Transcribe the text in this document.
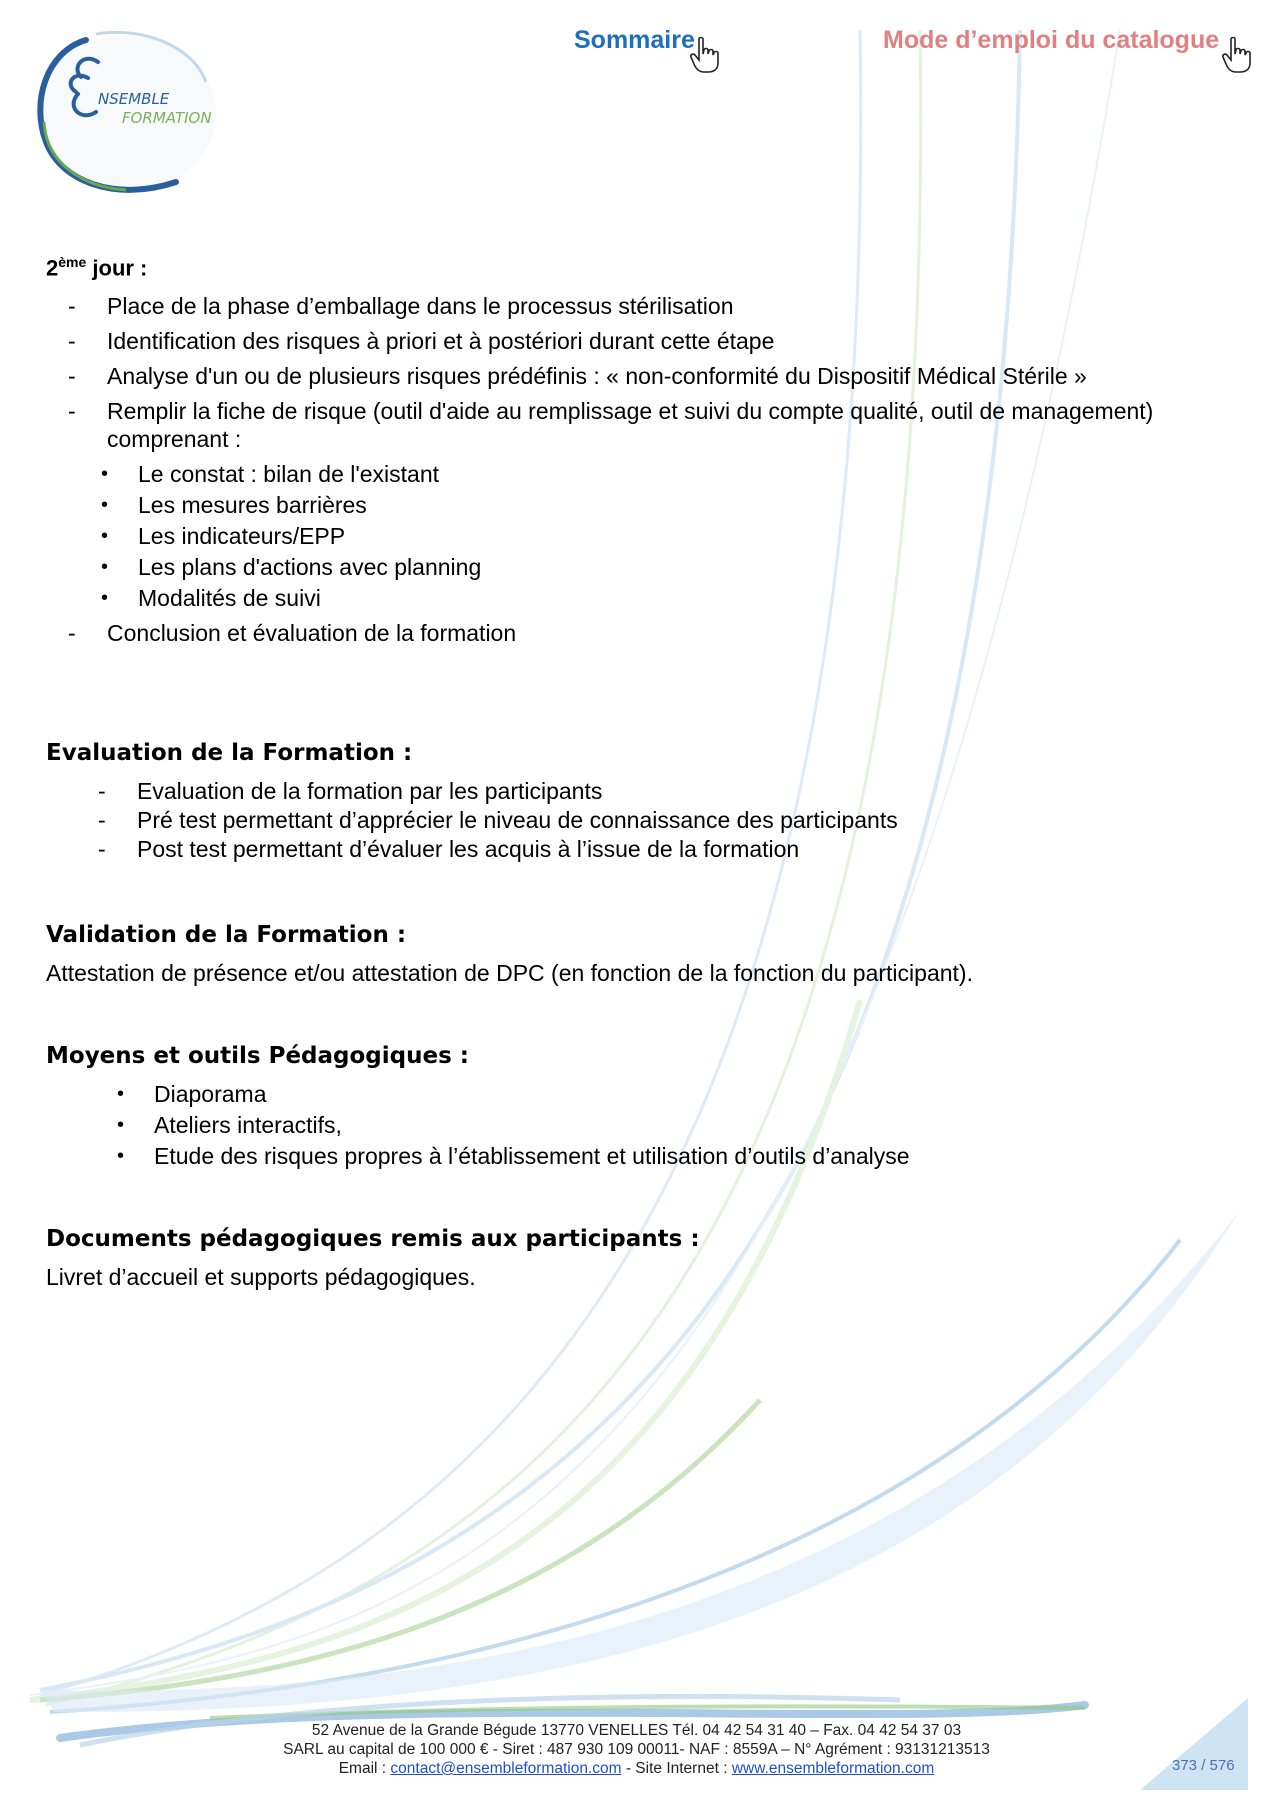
NSEMBLE
FORMATION
Sommaire	Mode d’emploi du catalogue
2ème jour :
- Place de la phase d’emballage dans le processus stérilisation
- Identification des risques à priori et à postériori durant cette étape
- Analyse d'un ou de plusieurs risques prédéfinis : « non-conformité du Dispositif Médical Stérile »
- Remplir la fiche de risque (outil d'aide au remplissage et suivi du compte qualité, outil de management) comprenant :
• Le constat : bilan de l'existant
• Les mesures barrières
• Les indicateurs/EPP
• Les plans d'actions avec planning
• Modalités de suivi
- Conclusion et évaluation de la formation
Evaluation de la Formation :
- Evaluation de la formation par les participants
- Pré test permettant d’apprécier le niveau de connaissance des participants
- Post test permettant d’évaluer les acquis à l’issue de la formation
Validation de la Formation :

Attestation de présence et/ou attestation de DPC (en fonction de la fonction du participant).

Moyens et outils Pédagogiques :
• Diaporama
• Ateliers interactifs,
• Etude des risques propres à l’établissement et utilisation d’outils d’analyse
Documents pédagogiques remis aux participants :

Livret d’accueil et supports pédagogiques.

52 Avenue de la Grande Bégude 13770 VENELLES Tél. 04 42 54 31 40 – Fax. 04 42 54 37 03
SARL au capital de 100 000 € - Siret : 487 930 109 00011- NAF : 8559A – N° Agrément : 93131213513
Email : contact@ensembleformation.com - Site Internet : www.ensembleformation.com	373 / 576
